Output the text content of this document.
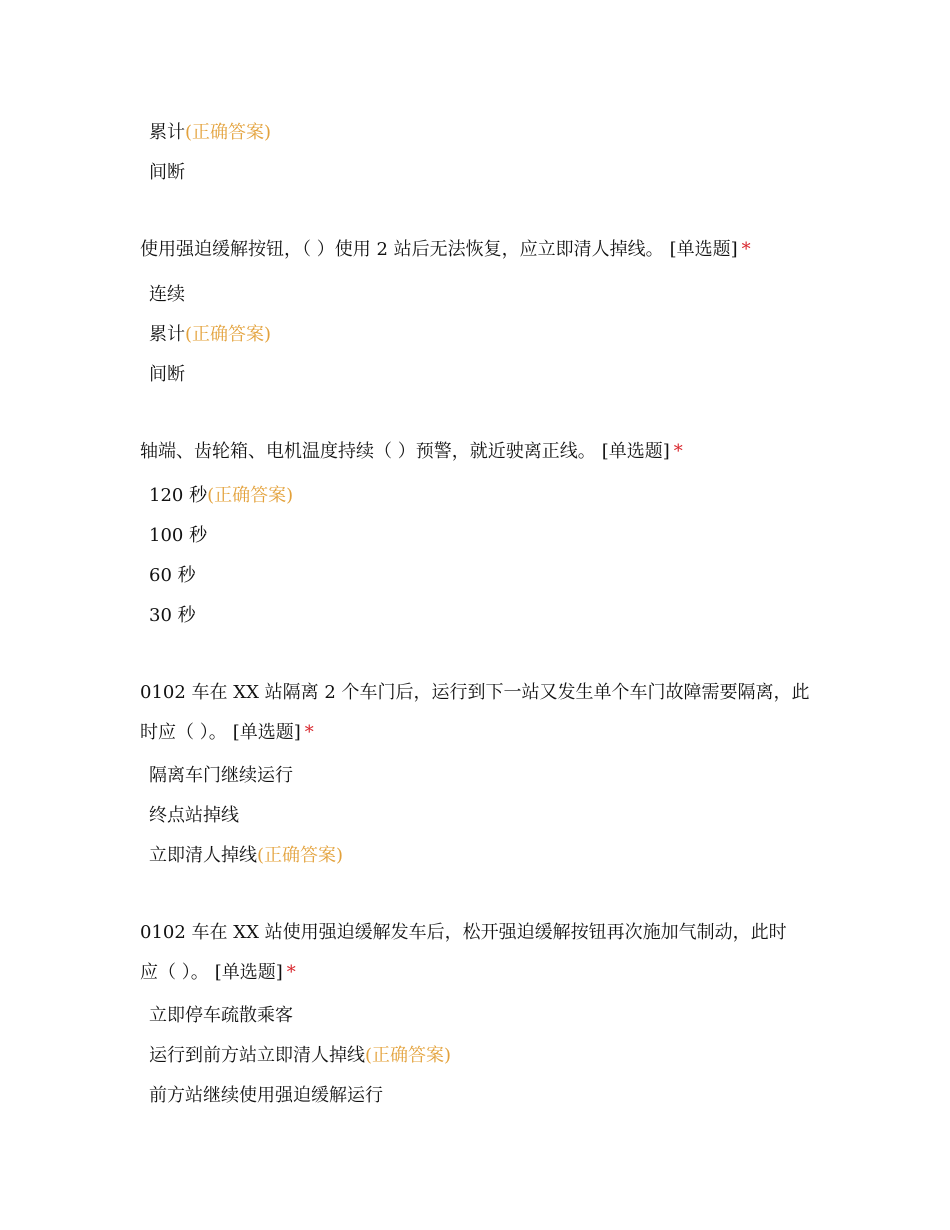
累计(正确答案)
间断
使用强迫缓解按钮，（ ）使用 2 站后无法恢复，应立即清人掉线。 [单选题] *
连续
累计(正确答案)
间断
轴端、齿轮箱、电机温度持续（ ）预警，就近驶离正线。 [单选题] *
120 秒(正确答案)
100 秒
60 秒
30 秒
0102 车在 XX 站隔离 2 个车门后，运行到下一站又发生单个车门故障需要隔离，此
时应（ ）。 [单选题] *
隔离车门继续运行
终点站掉线
立即清人掉线(正确答案)
0102 车在 XX 站使用强迫缓解发车后，松开强迫缓解按钮再次施加气制动，此时
应（ ）。 [单选题] *
立即停车疏散乘客
运行到前方站立即清人掉线(正确答案)
前方站继续使用强迫缓解运行
